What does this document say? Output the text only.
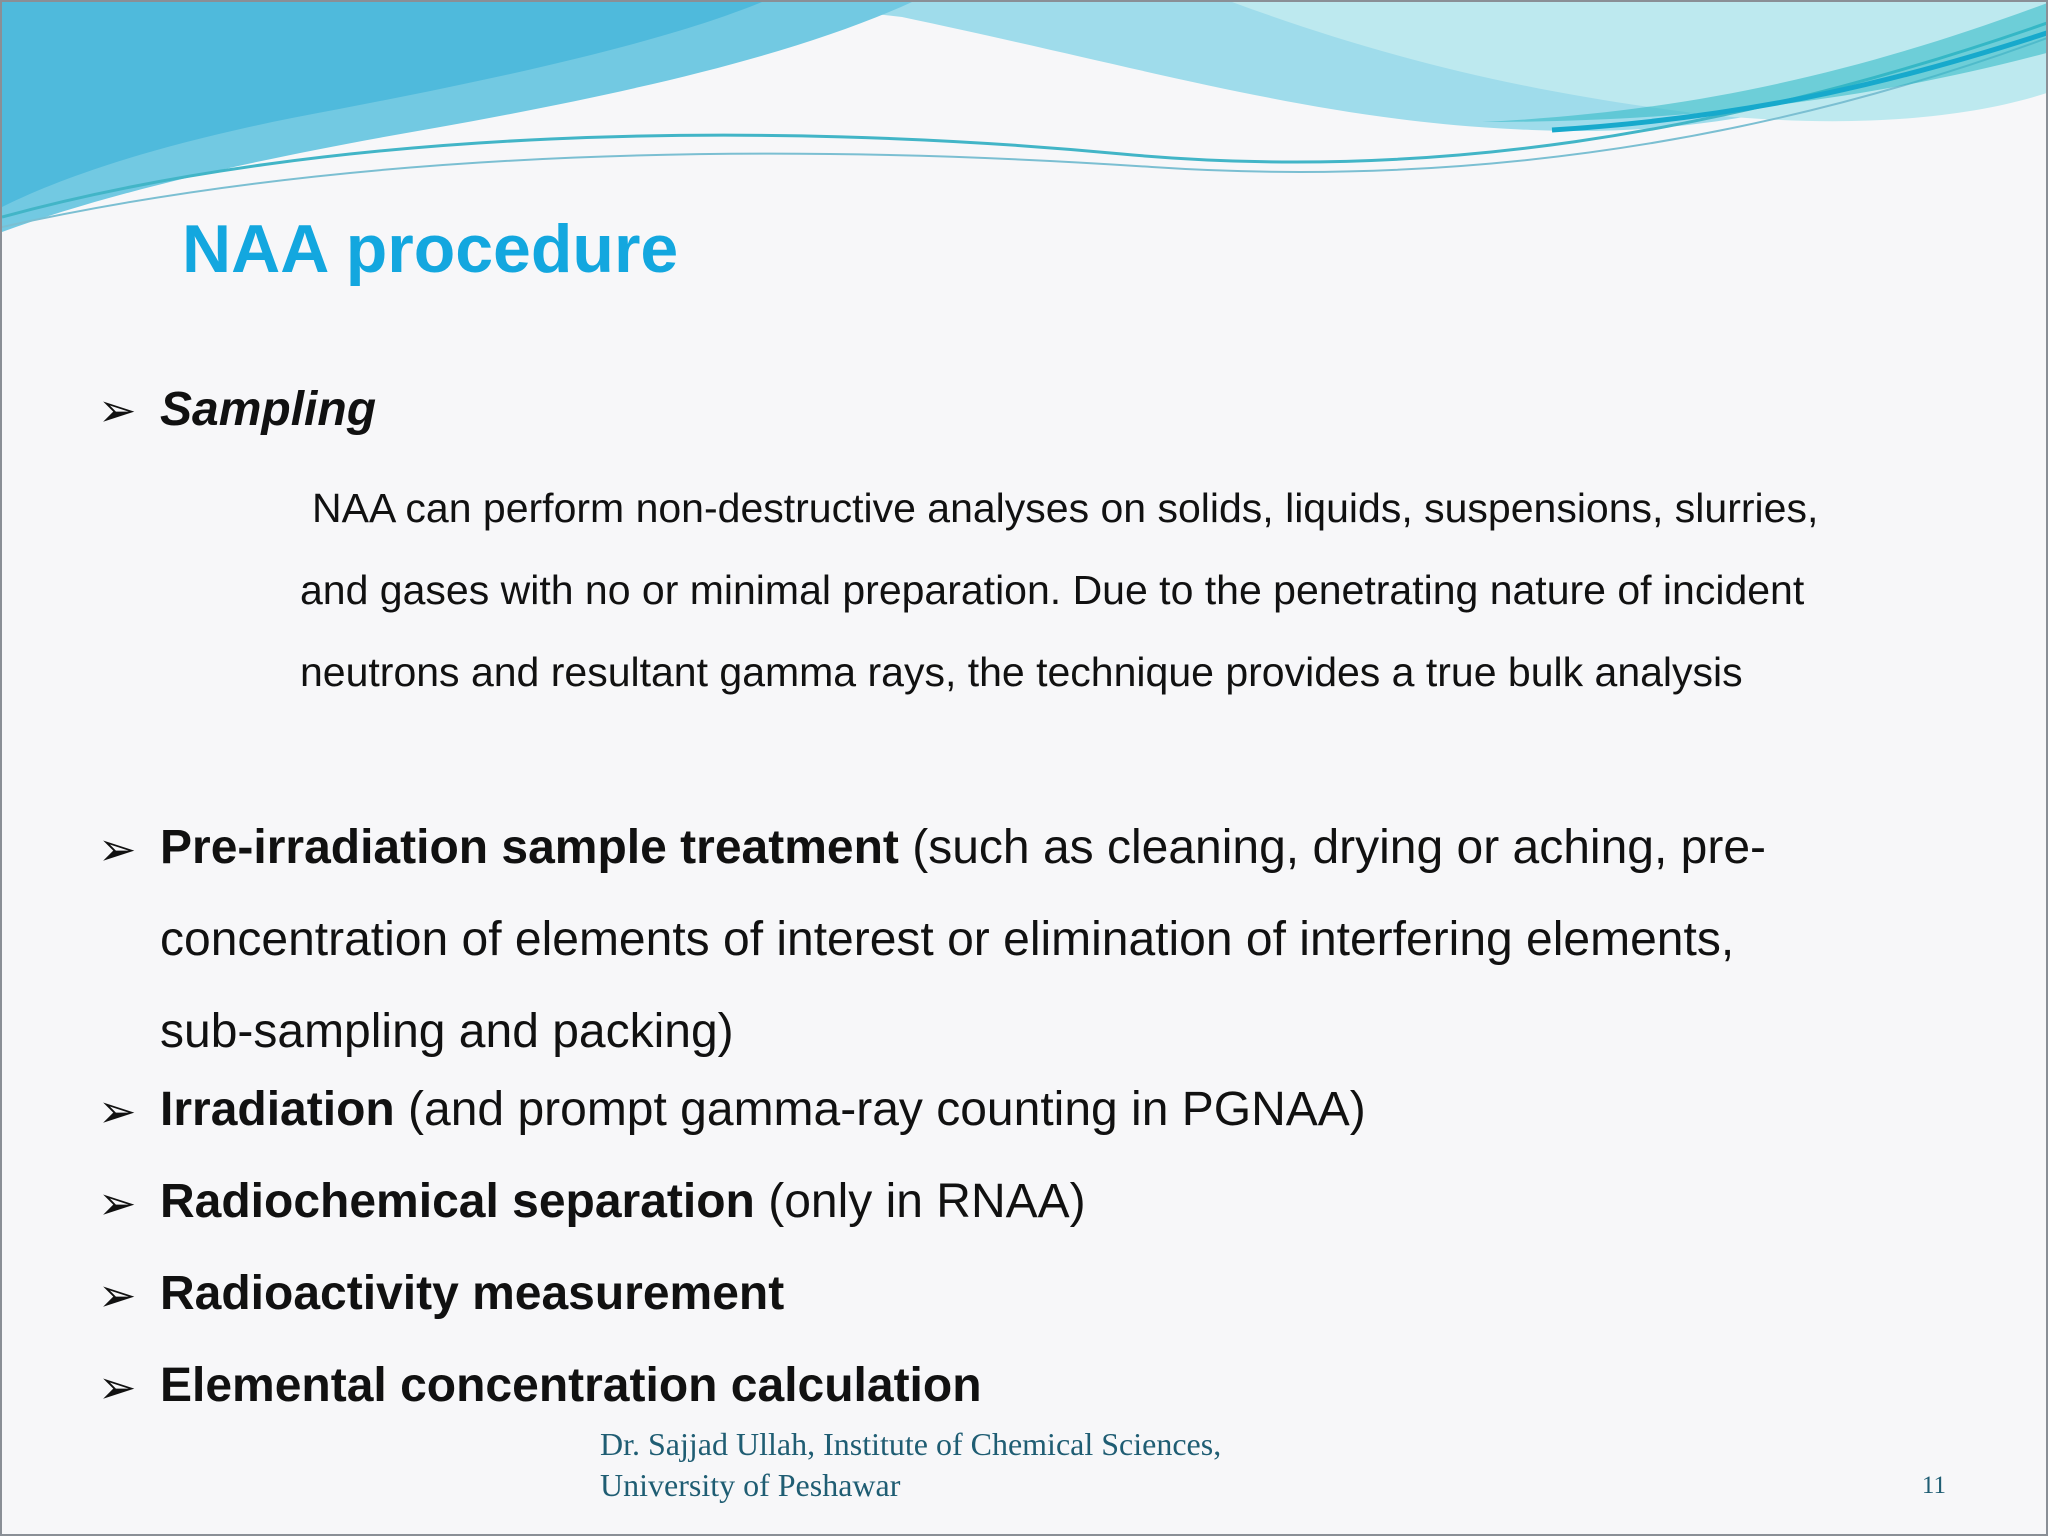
NAA procedure
➢ Sampling
NAA can perform non-destructive analyses on solids, liquids, suspensions, slurries, and gases with no or minimal preparation. Due to the penetrating nature of incident neutrons and resultant gamma rays, the technique provides a true bulk analysis
➢ Pre-irradiation sample treatment (such as cleaning, drying or aching, pre-concentration of elements of interest or elimination of interfering elements, sub-sampling and packing)
➢ Irradiation (and prompt gamma-ray counting in PGNAA)
➢ Radiochemical separation (only in RNAA)
➢ Radioactivity measurement
➢ Elemental concentration calculation
Dr. Sajjad Ullah, Institute of Chemical Sciences,
University of Peshawar	11
